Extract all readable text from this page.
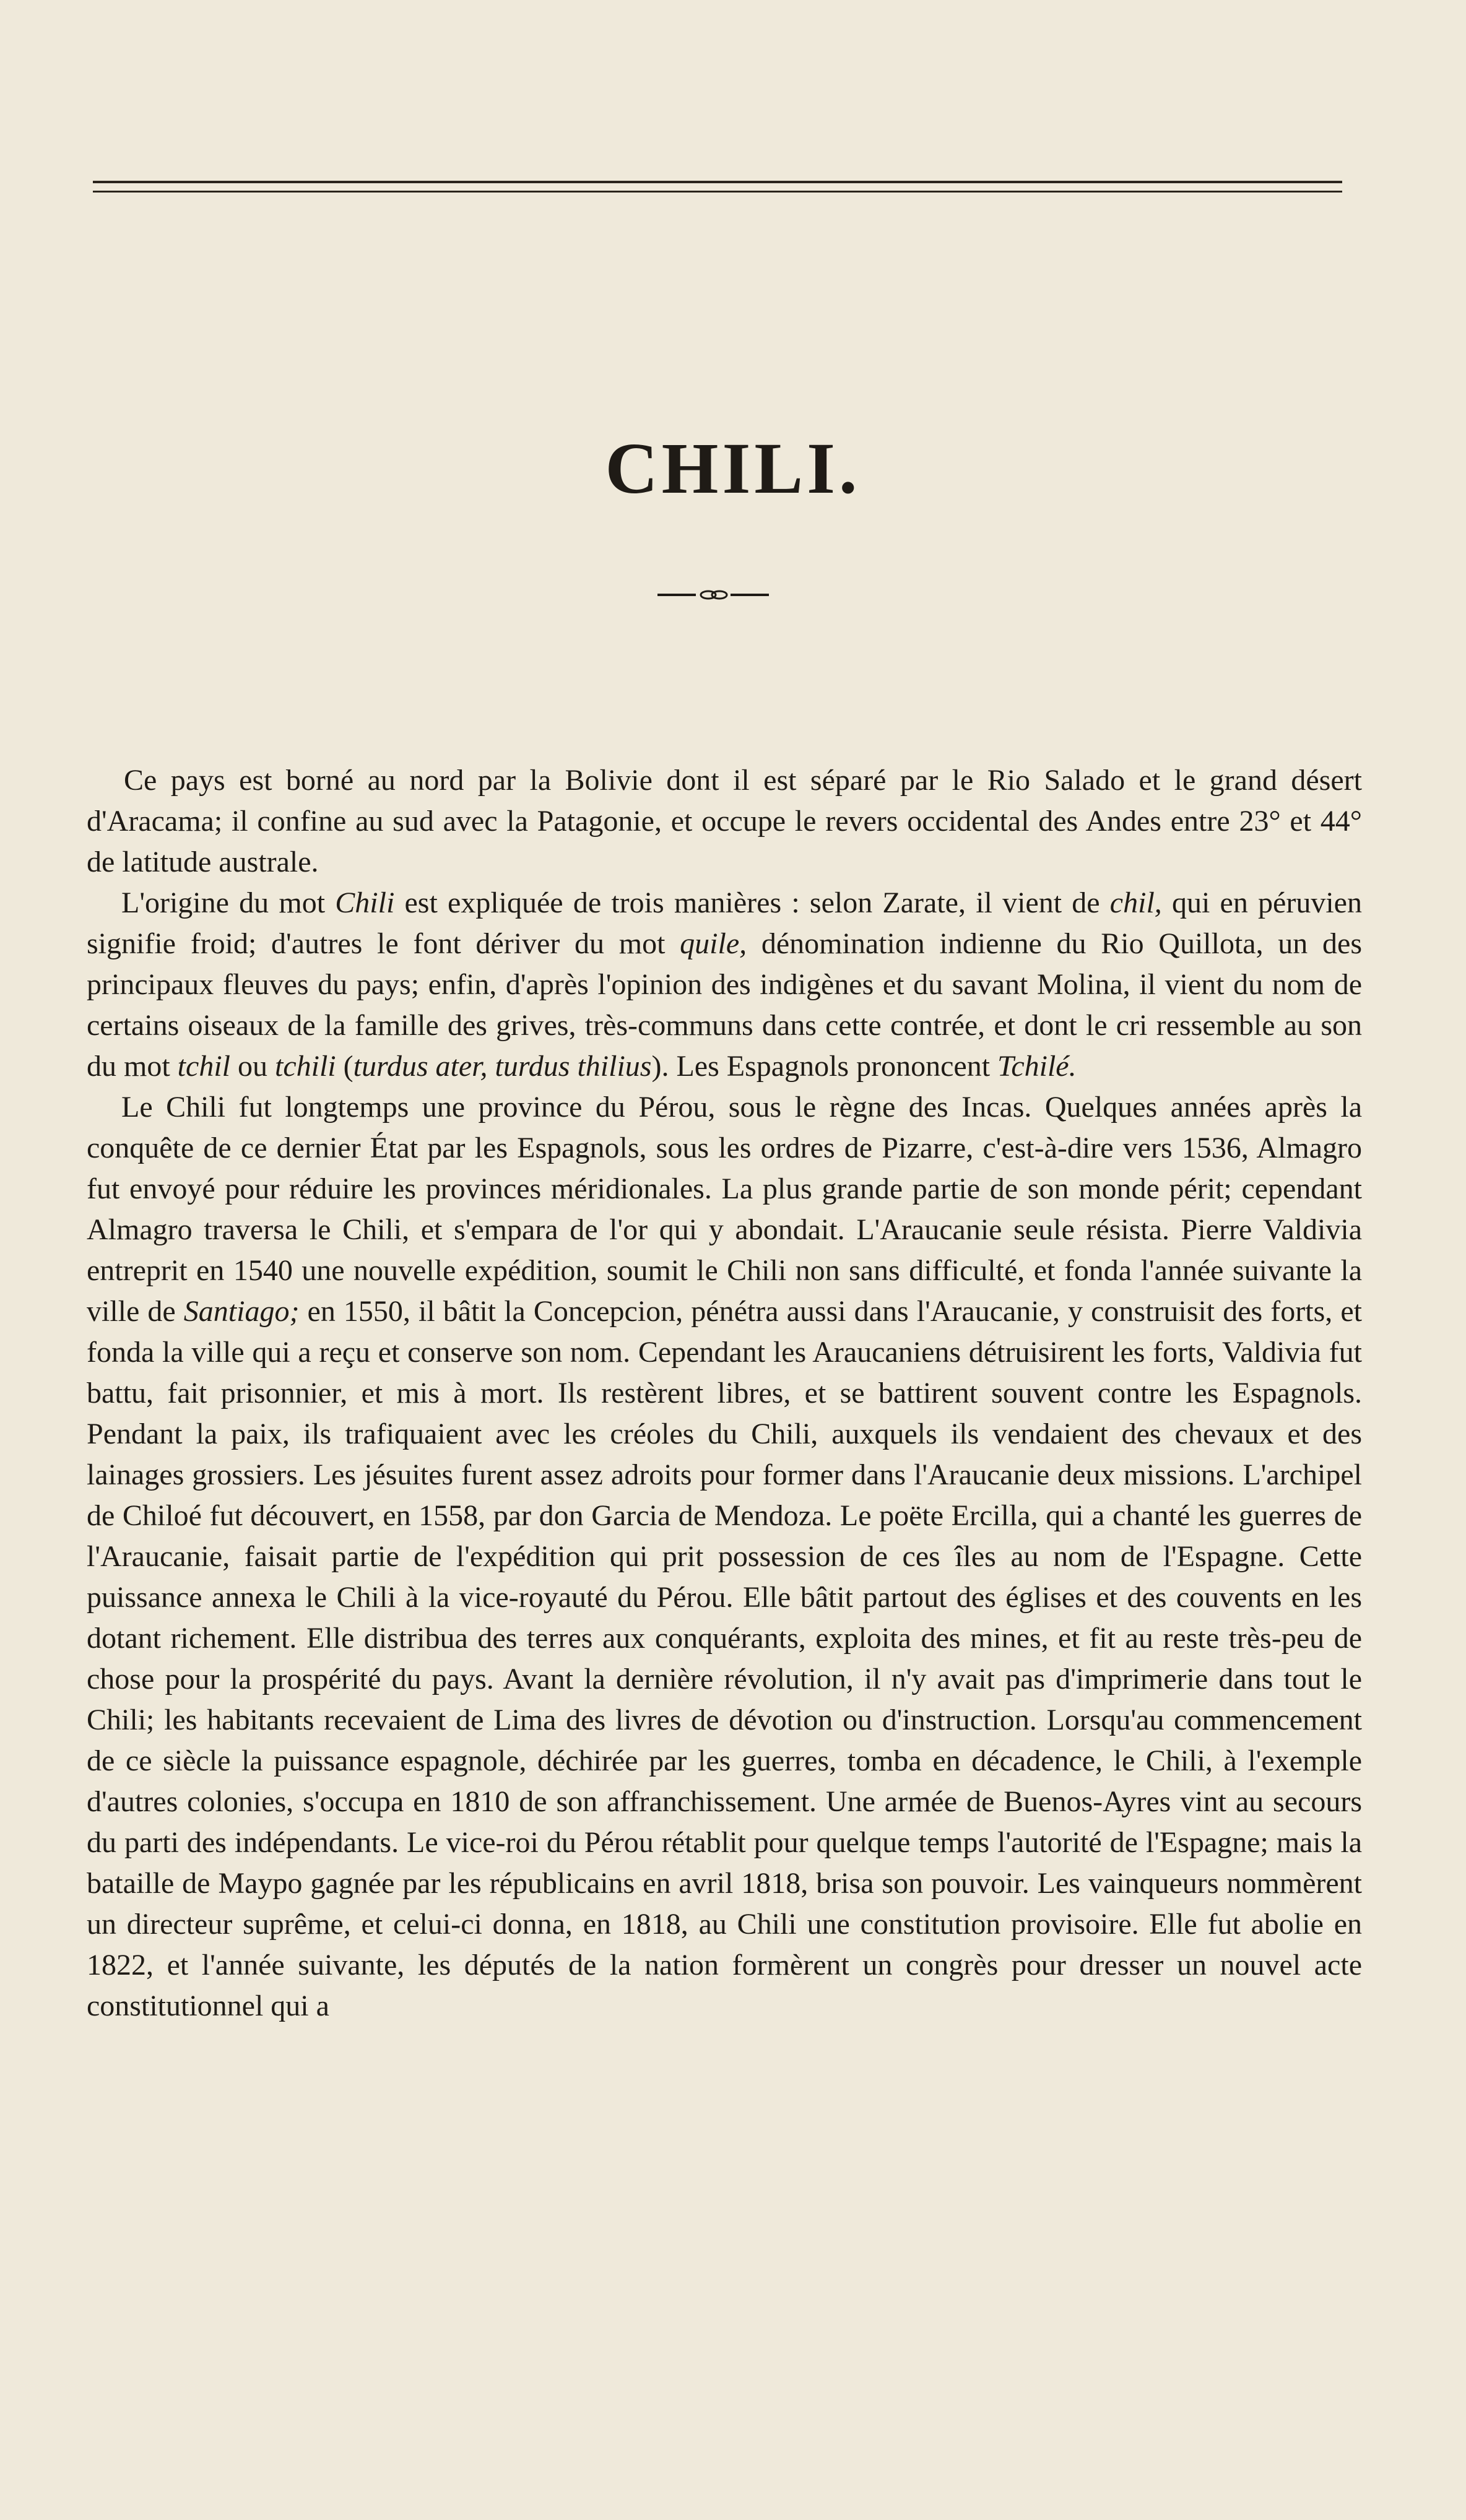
CHILI.

Ce pays est borné au nord par la Bolivie dont il est séparé par le Rio Salado et le grand désert d'Aracama; il confine au sud avec la Patagonie, et occupe le revers occidental des Andes entre 23° et 44° de latitude australe.

L'origine du mot Chili est expliquée de trois manières : selon Zarate, il vient de chil, qui en péruvien signifie froid; d'autres le font dériver du mot quile, dénomination indienne du Rio Quillota, un des principaux fleuves du pays; enfin, d'après l'opinion des indigènes et du savant Molina, il vient du nom de certains oiseaux de la famille des grives, très-communs dans cette contrée, et dont le cri ressemble au son du mot tchil ou tchili (turdus ater, turdus thilius). Les Espagnols prononcent Tchilé.

Le Chili fut longtemps une province du Pérou, sous le règne des Incas. Quelques années après la conquête de ce dernier État par les Espagnols, sous les ordres de Pizarre, c'est-à-dire vers 1536, Almagro fut envoyé pour réduire les provinces méridionales. La plus grande partie de son monde périt; cependant Almagro traversa le Chili, et s'empara de l'or qui y abondait. L'Araucanie seule résista. Pierre Valdivia entreprit en 1540 une nouvelle expédition, soumit le Chili non sans difficulté, et fonda l'année suivante la ville de Santiago; en 1550, il bâtit la Concepcion, pénétra aussi dans l'Araucanie, y construisit des forts, et fonda la ville qui a reçu et conserve son nom. Cependant les Araucaniens détruisirent les forts, Valdivia fut battu, fait prisonnier, et mis à mort. Ils restèrent libres, et se battirent souvent contre les Espagnols. Pendant la paix, ils trafiquaient avec les créoles du Chili, auxquels ils vendaient des chevaux et des lainages grossiers. Les jésuites furent assez adroits pour former dans l'Araucanie deux missions. L'archipel de Chiloé fut découvert, en 1558, par don Garcia de Mendoza. Le poëte Ercilla, qui a chanté les guerres de l'Araucanie, faisait partie de l'expédition qui prit possession de ces îles au nom de l'Espagne. Cette puissance annexa le Chili à la vice-royauté du Pérou. Elle bâtit partout des églises et des couvents en les dotant richement. Elle distribua des terres aux conquérants, exploita des mines, et fit au reste très-peu de chose pour la prospérité du pays. Avant la dernière révolution, il n'y avait pas d'imprimerie dans tout le Chili; les habitants recevaient de Lima des livres de dévotion ou d'instruction. Lorsqu'au commencement de ce siècle la puissance espagnole, déchirée par les guerres, tomba en décadence, le Chili, à l'exemple d'autres colonies, s'occupa en 1810 de son affranchissement. Une armée de Buenos-Ayres vint au secours du parti des indépendants. Le vice-roi du Pérou rétablit pour quelque temps l'autorité de l'Espagne; mais la bataille de Maypo gagnée par les républicains en avril 1818, brisa son pouvoir. Les vainqueurs nommèrent un directeur suprême, et celui-ci donna, en 1818, au Chili une constitution provisoire. Elle fut abolie en 1822, et l'année suivante, les députés de la nation formèrent un congrès pour dresser un nouvel acte constitutionnel qui a
